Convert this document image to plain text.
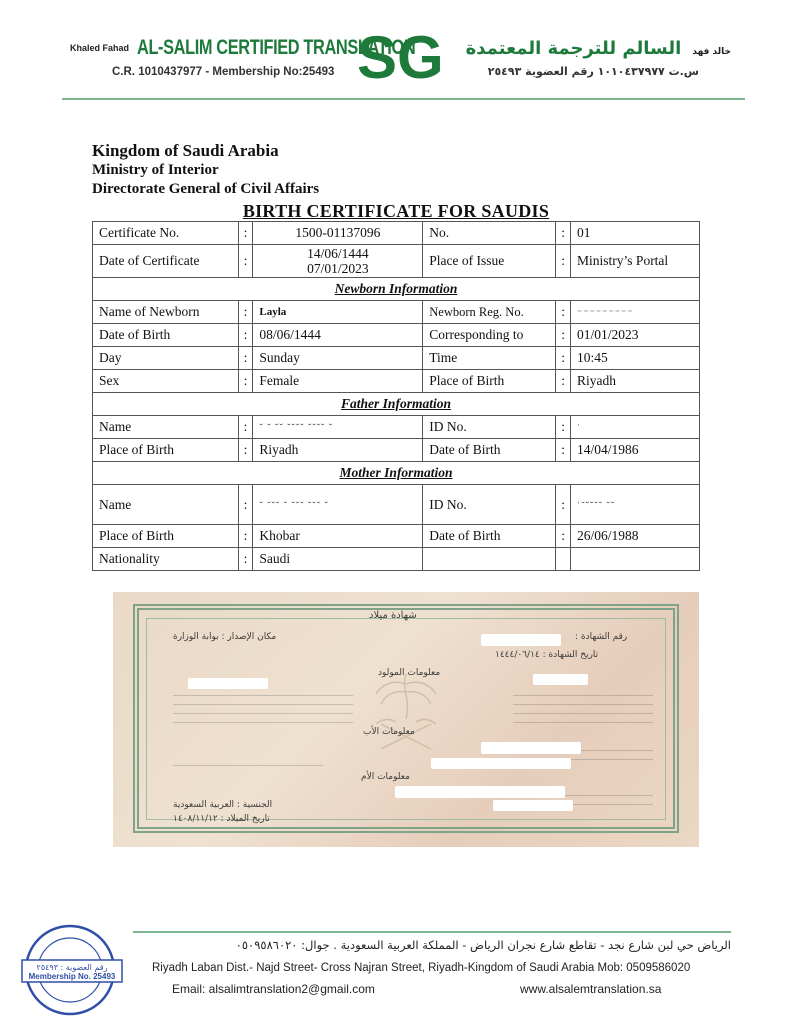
Khaled Fahad AL-SALIM CERTIFIED TRANSLATION
C.R. 1010437977 - Membership No:25493 SG	خالد فهد السالم للترجمة المعتمدة
س.ت ١٠١٠٤٣٧٩٧٧ رقم العضوية ٢٥٤٩٣
Kingdom of Saudi Arabia
Ministry of Interior
Directorate General of Civil Affairs
BIRTH CERTIFICATE FOR SAUDIS
Certificate No.	:	1500-01137096	No.	:	01
Date of Certificate	:	14/06/1444
07/01/2023	Place of Issue	:	Ministry’s Portal
Newborn Information					
Name of Newborn	:	Layla	Newborn Reg. No.	:	⁻⁻⁻⁻⁻⁻⁻⁻⁻
Date of Birth	:	08/06/1444	Corresponding to	:	01/01/2023
Day	:	Sunday	Time	:	10:45
Sex	:	Female	Place of Birth	:	Riyadh
Father Information					
Name	:	˘ ˘ ˘˘ ˘˘˘˘ ˘˘˘˘ ˘	ID No.	:	ˈ
Place of Birth	:	Riyadh	Date of Birth	:	14/04/1986
Mother Information					
Name	:	˘ ˘˘˘ ˘ ˘˘˘ ˘˘˘ ˘	ID No.	:	ˈ˘˘˘˘˘ ˘˘
Place of Birth	:	Khobar	Date of Birth	:	26/06/1988
Nationality	:	Saudi			
شهادة ميلاد
مكان الإصدار : بوابة الوزارة	رقم الشهادة :
تاريخ الشهادة : ١٤٤٤/٠٦/١٤
معلومات المولود
معلومات الأب
معلومات الأم
الجنسية : العربية السعودية
تاريخ الميلاد : ١٤٠٨/١١/١٢
رقم العضوية : ٢٥٤٩٣
Membership No. 25493
الرياض حي لبن شارع نجد - تقاطع شارع نجران الرياض - المملكة العربية السعودية . جوال: ٠٥٠٩٥٨٦٠٢٠
Riyadh Laban Dist.- Najd Street- Cross Najran Street, Riyadh-Kingdom of Saudi Arabia Mob: 0509586020
Email: alsalimtranslation2@gmail.com	www.alsalemtranslation.sa
